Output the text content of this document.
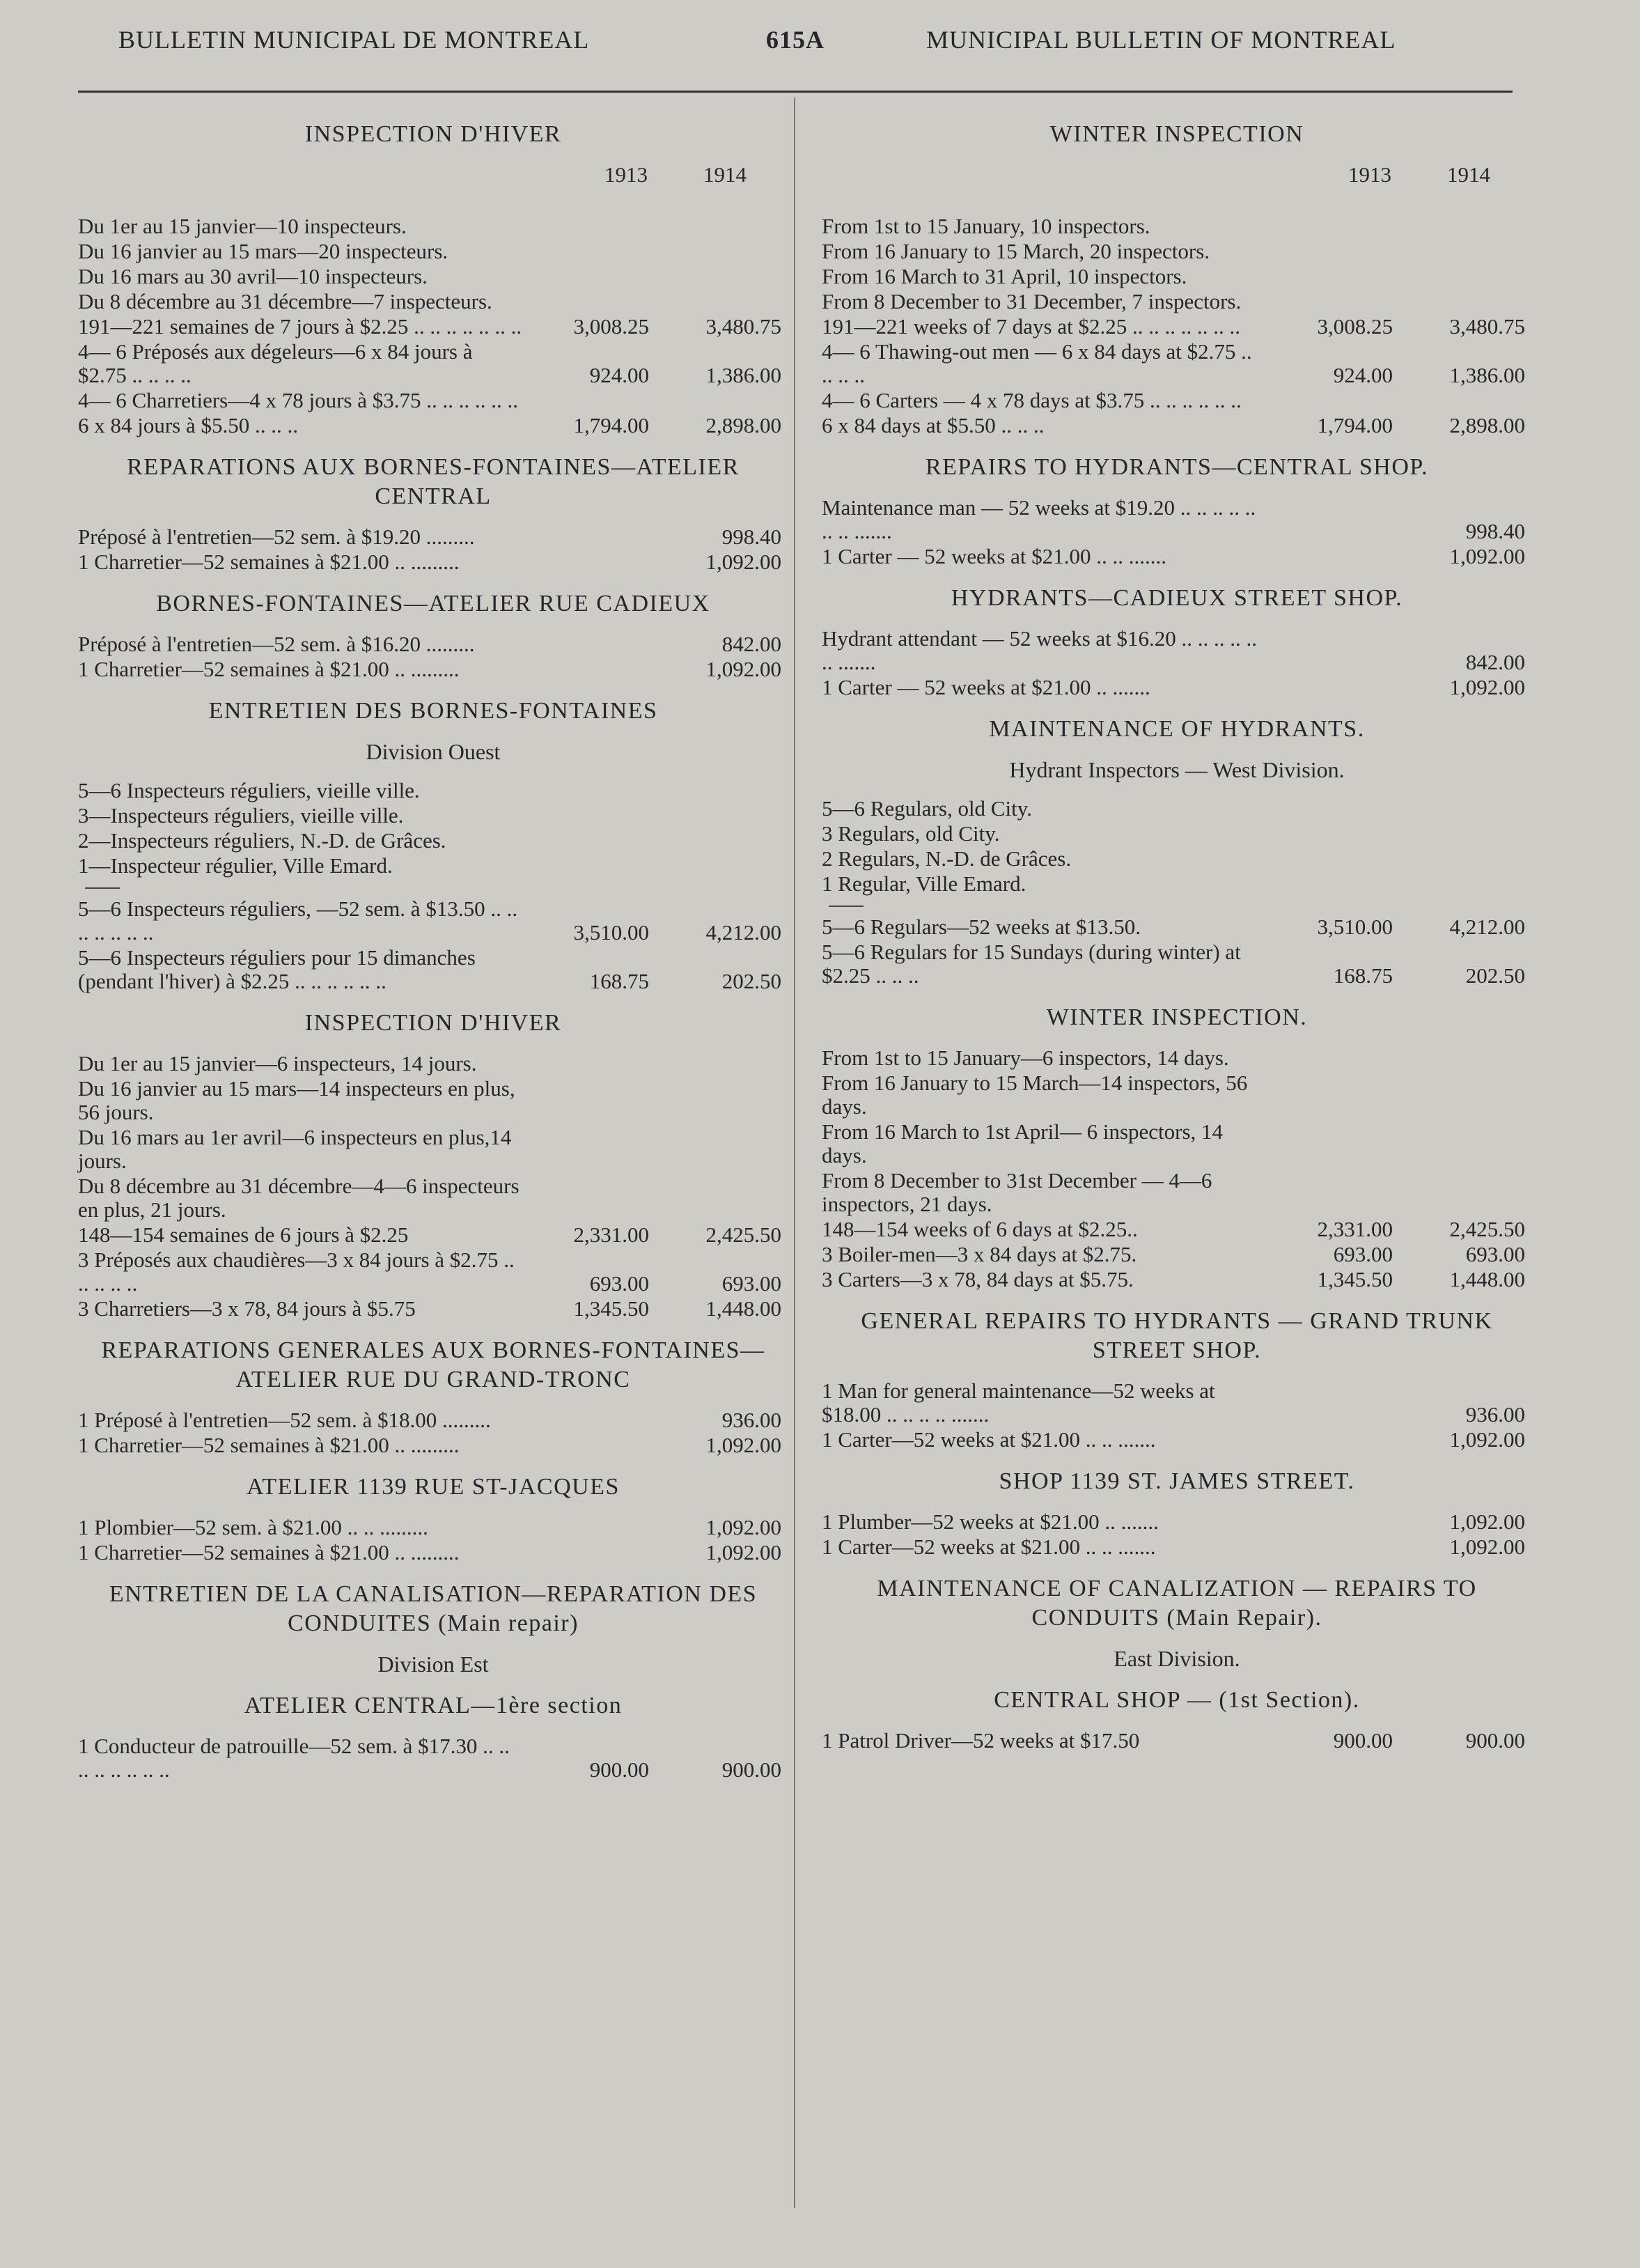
BULLETIN MUNICIPAL DE MONTREAL	615A	MUNICIPAL BULLETIN OF MONTREAL
INSPECTION D'HIVER
1913	1914
Du 1er au 15 janvier—10 inspecteurs.
Du 16 janvier au 15 mars—20 inspecteurs.
Du 16 mars au 30 avril—10 inspecteurs.
Du 8 décembre au 31 décembre—7 inspecteurs.
191—221 semaines de 7 jours à $2.25 .. .. .. .. .. .. ..	3,008.25	3,480.75
4— 6 Préposés aux dégeleurs—6 x 84 jours à $2.75 .. .. .. ..	924.00	1,386.00
4— 6 Charretiers—4 x 78 jours à $3.75 .. .. .. .. .. ..
6 x 84 jours à $5.50 .. .. ..	1,794.00	2,898.00
REPARATIONS AUX BORNES-FONTAINES—ATELIER CENTRAL
Préposé à l'entretien—52 sem. à $19.20 .........	998.40
1 Charretier—52 semaines à $21.00 .. .........	1,092.00
BORNES-FONTAINES—ATELIER RUE CADIEUX
Préposé à l'entretien—52 sem. à $16.20 .........	842.00
1 Charretier—52 semaines à $21.00 .. .........	1,092.00
ENTRETIEN DES BORNES-FONTAINES
Division Ouest
5—6 Inspecteurs réguliers, vieille ville.
3—Inspecteurs réguliers, vieille ville.
2—Inspecteurs réguliers, N.-D. de Grâces.
1—Inspecteur régulier, Ville Emard.
5—6 Inspecteurs réguliers, —52 sem. à $13.50 .. .. .. .. .. .. ..	3,510.00	4,212.00
5—6 Inspecteurs réguliers pour 15 dimanches (pendant l'hiver) à $2.25 .. .. .. .. .. ..	168.75	202.50
INSPECTION D'HIVER
Du 1er au 15 janvier—6 inspecteurs, 14 jours.
Du 16 janvier au 15 mars—14 inspecteurs en plus, 56 jours.
Du 16 mars au 1er avril—6 inspecteurs en plus,14 jours.
Du 8 décembre au 31 décembre—4—6 inspecteurs en plus, 21 jours.
148—154 semaines de 6 jours à $2.25	2,331.00	2,425.50
3 Préposés aux chaudières—3 x 84 jours à $2.75 .. .. .. .. ..	693.00	693.00
3 Charretiers—3 x 78, 84 jours à $5.75	1,345.50	1,448.00
REPARATIONS GENERALES AUX BORNES-FONTAINES—ATELIER RUE DU GRAND-TRONC
1 Préposé à l'entretien—52 sem. à $18.00 .........	936.00
1 Charretier—52 semaines à $21.00 .. .........	1,092.00
ATELIER 1139 RUE ST-JACQUES
1 Plombier—52 sem. à $21.00 .. .. .........	1,092.00
1 Charretier—52 semaines à $21.00 .. .........	1,092.00
ENTRETIEN DE LA CANALISATION—REPARATION DES CONDUITES (Main repair)
Division Est
ATELIER CENTRAL—1ère section
1 Conducteur de patrouille—52 sem. à $17.30 .. .. .. .. .. .. .. ..	900.00	900.00
WINTER INSPECTION
1913	1914
From 1st to 15 January, 10 inspectors.
From 16 January to 15 March, 20 inspectors.
From 16 March to 31 April, 10 inspectors.
From 8 December to 31 December, 7 inspectors.
191—221 weeks of 7 days at $2.25 .. .. .. .. .. .. ..	3,008.25	3,480.75
4— 6 Thawing-out men — 6 x 84 days at $2.75 .. .. .. ..	924.00	1,386.00
4— 6 Carters — 4 x 78 days at $3.75 .. .. .. .. .. ..
6 x 84 days at $5.50 .. .. ..	1,794.00	2,898.00
REPAIRS TO HYDRANTS—CENTRAL SHOP.
Maintenance man — 52 weeks at $19.20 .. .. .. .. .. .. .. .......	998.40
1 Carter — 52 weeks at $21.00 .. .. .......	1,092.00
HYDRANTS—CADIEUX STREET SHOP.
Hydrant attendant — 52 weeks at $16.20 .. .. .. .. .. .. .......	842.00
1 Carter — 52 weeks at $21.00 .. .......	1,092.00
MAINTENANCE OF HYDRANTS.
Hydrant Inspectors — West Division.
5—6 Regulars, old City.
3 Regulars, old City.
2 Regulars, N.-D. de Grâces.
1 Regular, Ville Emard.
5—6 Regulars—52 weeks at $13.50.	3,510.00	4,212.00
5—6 Regulars for 15 Sundays (during winter) at $2.25 .. .. ..	168.75	202.50
WINTER INSPECTION.
From 1st to 15 January—6 inspectors, 14 days.
From 16 January to 15 March—14 inspectors, 56 days.
From 16 March to 1st April— 6 inspectors, 14 days.
From 8 December to 31st December — 4—6 inspectors, 21 days.
148—154 weeks of 6 days at $2.25..	2,331.00	2,425.50
3 Boiler-men—3 x 84 days at $2.75.	693.00	693.00
3 Carters—3 x 78, 84 days at $5.75.	1,345.50	1,448.00
GENERAL REPAIRS TO HYDRANTS — GRAND TRUNK STREET SHOP.
1 Man for general maintenance—52 weeks at $18.00 .. .. .. .. .......	936.00
1 Carter—52 weeks at $21.00 .. .. .......	1,092.00
SHOP 1139 ST. JAMES STREET.
1 Plumber—52 weeks at $21.00 .. .......	1,092.00
1 Carter—52 weeks at $21.00 .. .. .......	1,092.00
MAINTENANCE OF CANALIZATION — REPAIRS TO CONDUITS (Main Repair).
East Division.
CENTRAL SHOP — (1st Section).
1 Patrol Driver—52 weeks at $17.50	900.00	900.00
